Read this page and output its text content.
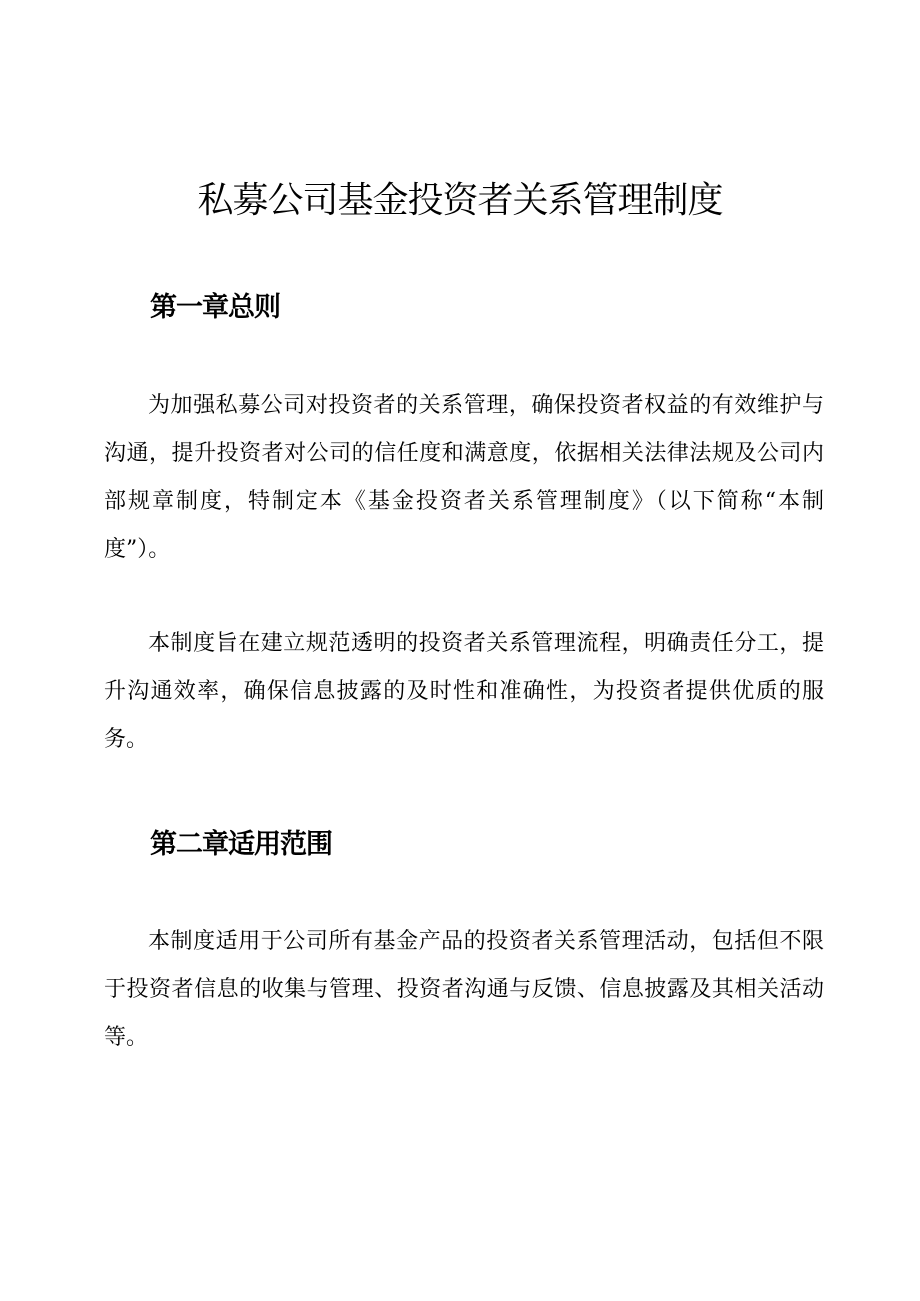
私募公司基金投资者关系管理制度
第一章总则

为加强私募公司对投资者的关系管理，确保投资者权益的有效维护与沟通，提升投资者对公司的信任度和满意度，依据相关法律法规及公司内部规章制度，特制定本《基金投资者关系管理制度》（以下简称“本制度”）。

本制度旨在建立规范透明的投资者关系管理流程，明确责任分工，提升沟通效率，确保信息披露的及时性和准确性，为投资者提供优质的服务。

第二章适用范围

本制度适用于公司所有基金产品的投资者关系管理活动，包括但不限于投资者信息的收集与管理、投资者沟通与反馈、信息披露及其相关活动等。
